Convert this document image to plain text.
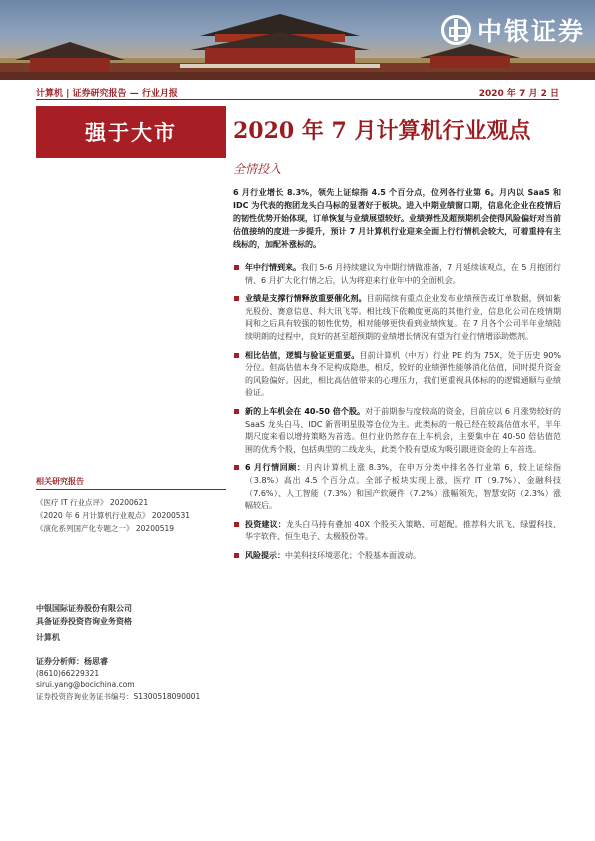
中银证券
计算机 | 证券研究报告 — 行业月报	2020 年 7 月 2 日
强于大市	2020 年 7 月计算机行业观点
全情投入
6 月行业增长 8.3%，领先上证综指 4.5 个百分点，位列各行业第 6。月内以 SaaS 和 IDC 为代表的抱团龙头白马标的显著好于板块。进入中期业绩窗口期，信息化企业在疫情后的韧性优势开始体现，订单恢复与业绩展望较好。业绩弹性及超预期机会使得风险偏好对当前估值接纳的度进一步提升，预计 7 月计算机行业迎来全面上行行情机会较大，可着重持有主线标的，加配补涨标的。
年中行情到来。我们 5-6 月持续建议为中期行情做准备，7 月延续该观点，在 5 月抱团行情、6 月扩大化行情之后，认为将迎来行业年中的全面机会。
业绩是支撑行情释放重要催化剂。目前陆续有重点企业发布业绩预告或订单数据，例如紫光股份、赛意信息、科大讯飞等。相比线下依赖度更高的其他行业，信息化公司在疫情期间和之后具有较强的韧性优势，相对能够更快看到业绩恢复。在 7 月各个公司半年业绩陆续明朗的过程中，良好的甚至超预期的业绩增长情况有望为行业行情增添助燃剂。
相比估值，逻辑与验证更重要。目前计算机（中万）行业 PE 约为 75X，处于历史 90%分位。但高估值本身不足构成隐患，相反，较好的业绩弹性能够消化估值，同时提升资金的风险偏好。因此，相比高估值带来的心理压力，我们更重视具体标的的逻辑通顺与业绩验证。
新的上车机会在 40-50 倍个股。对于前期参与度较高的资金，目前应以 6 月涨势较好的 SaaS 龙头白马、IDC 新晋明星股等仓位为主。此类标的一般已经在较高估值水平，半年期尺度来看以增持策略为首选。但行业仍然存在上车机会，主要集中在 40-50 倍估值范围的优秀个股，包括典型的二线龙头，此类个股有望成为吸引跟进资金的上车首选。
6 月行情回顾：月内计算机上涨 8.3%，在申万分类中排名各行业第 6，较上证综指（3.8%）高出 4.5 个百分点。全部子板块实现上涨，医疗 IT（9.7%）、金融科技（7.6%）、人工智能（7.3%）和国产软硬件（7.2%）涨幅领先，智慧安防（2.3%）涨幅较后。
投资建议：龙头白马持有叠加 40X 个股买入策略、可超配。推荐科大讯飞、绿盟科技、华宇软件、恒生电子、太极股份等。
风险提示：中美科技环境恶化；个股基本面波动。
相关研究报告
《医疗 IT 行业点评》 20200621
《2020 年 6 月计算机行业观点》 20200531
《演化系列国产化专题之一》 20200519
中银国际证券股份有限公司
具备证券投资咨询业务资格
计算机
证券分析师：杨思睿
(8610)66229321
sirui.yang@bocichina.com
证券投资咨询业务证书编号：S1300518090001
